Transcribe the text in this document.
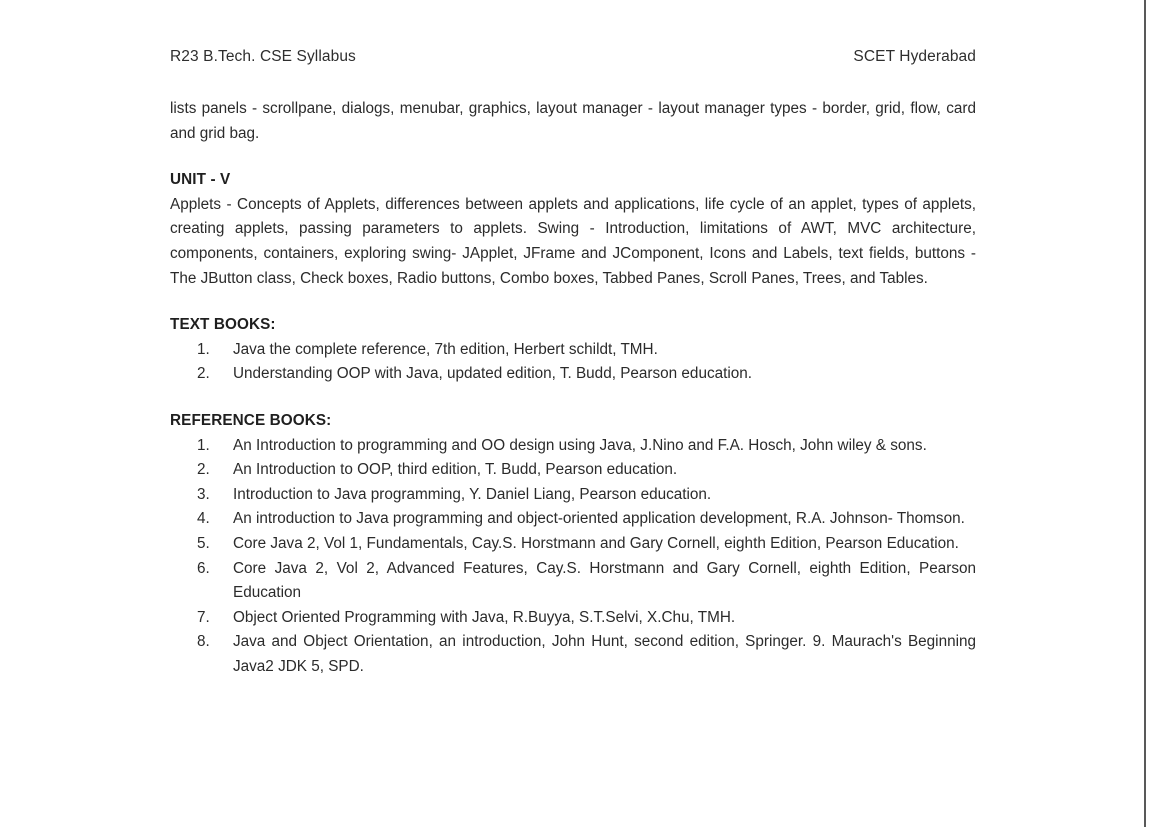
R23 B.Tech. CSE Syllabus	SCET Hyderabad

lists panels - scrollpane, dialogs, menubar, graphics, layout manager - layout manager types - border, grid, flow, card and grid bag.

UNIT - V

Applets - Concepts of Applets, differences between applets and applications, life cycle of an applet, types of applets, creating applets, passing parameters to applets. Swing - Introduction, limitations of AWT, MVC architecture, components, containers, exploring swing- JApplet, JFrame and JComponent, Icons and Labels, text fields, buttons - The JButton class, Check boxes, Radio buttons, Combo boxes, Tabbed Panes, Scroll Panes, Trees, and Tables.

TEXT BOOKS:
1.	Java the complete reference, 7th edition, Herbert schildt, TMH.
2.	Understanding OOP with Java, updated edition, T. Budd, Pearson education.
REFERENCE BOOKS:
1.	An Introduction to programming and OO design using Java, J.Nino and F.A. Hosch, John wiley & sons.
2.	An Introduction to OOP, third edition, T. Budd, Pearson education.
3.	Introduction to Java programming, Y. Daniel Liang, Pearson education.
4.	An introduction to Java programming and object-oriented application development, R.A. Johnson- Thomson.
5.	Core Java 2, Vol 1, Fundamentals, Cay.S. Horstmann and Gary Cornell, eighth Edition, Pearson Education.
6.	Core Java 2, Vol 2, Advanced Features, Cay.S. Horstmann and Gary Cornell, eighth Edition, Pearson Education
7.	Object Oriented Programming with Java, R.Buyya, S.T.Selvi, X.Chu, TMH.
8.	Java and Object Orientation, an introduction, John Hunt, second edition, Springer. 9. Maurach's Beginning Java2 JDK 5, SPD.
